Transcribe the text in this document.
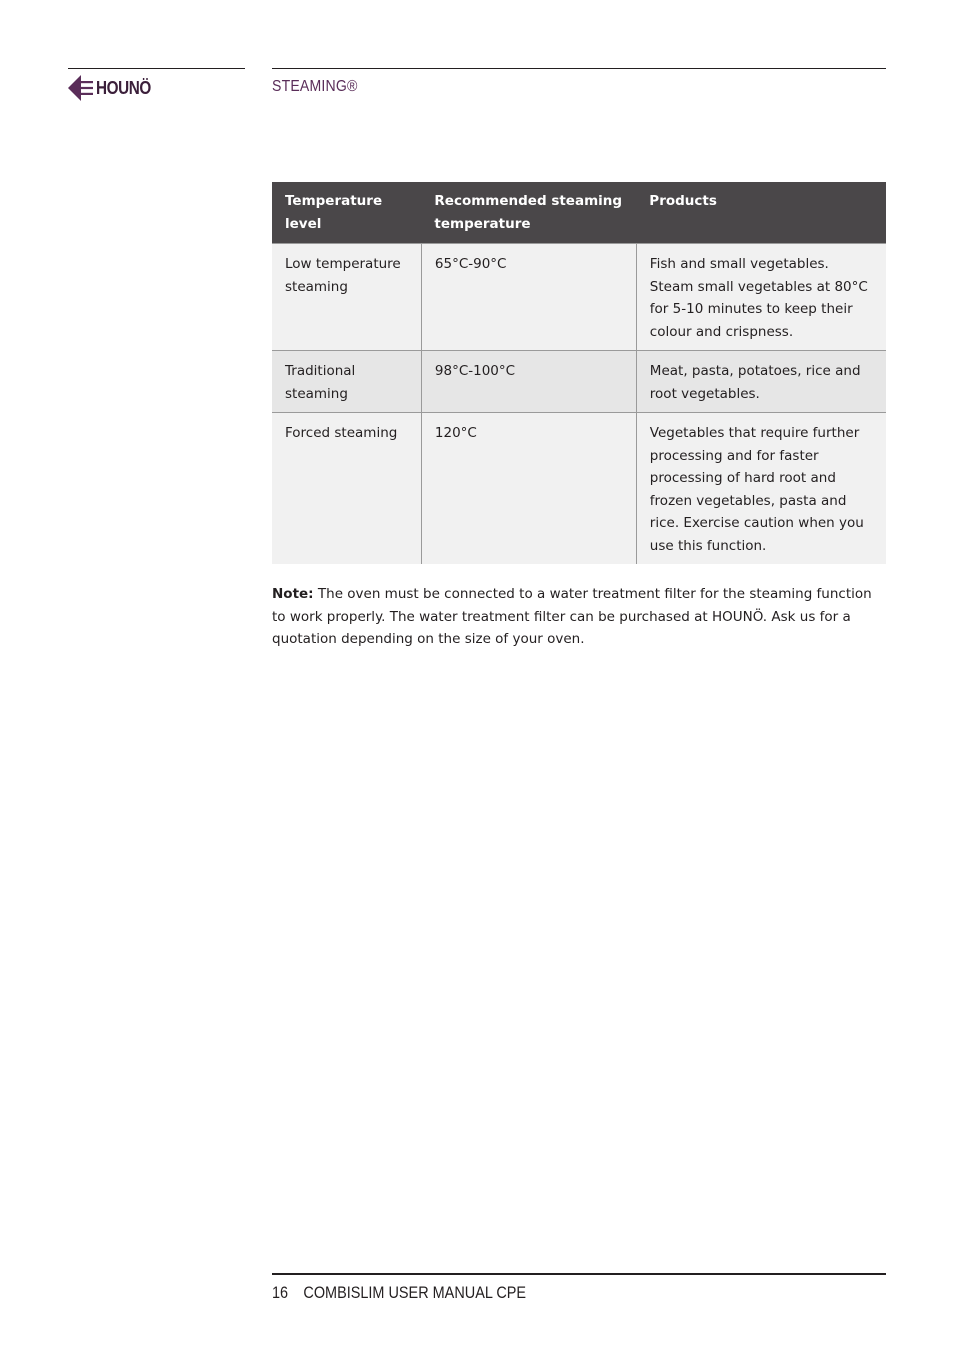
HOUNÖ	STEAMING®
Temperature level	Recommended steaming temperature	Products
Low temperature steaming	65°C-90°C	Fish and small vegetables. Steam small vegetables at 80°C for 5-10 minutes to keep their colour and crispness.
Traditional steaming	98°C-100°C	Meat, pasta, potatoes, rice and root vegetables.
Forced steaming	120°C	Vegetables that require further processing and for faster processing of hard root and frozen vegetables, pasta and rice. Exercise caution when you use this function.

Note: The oven must be connected to a water treatment filter for the steaming function to work properly. The water treatment filter can be purchased at HOUNÖ. Ask us for a quotation depending on the size of your oven.

16 COMBISLIM USER MANUAL CPE
